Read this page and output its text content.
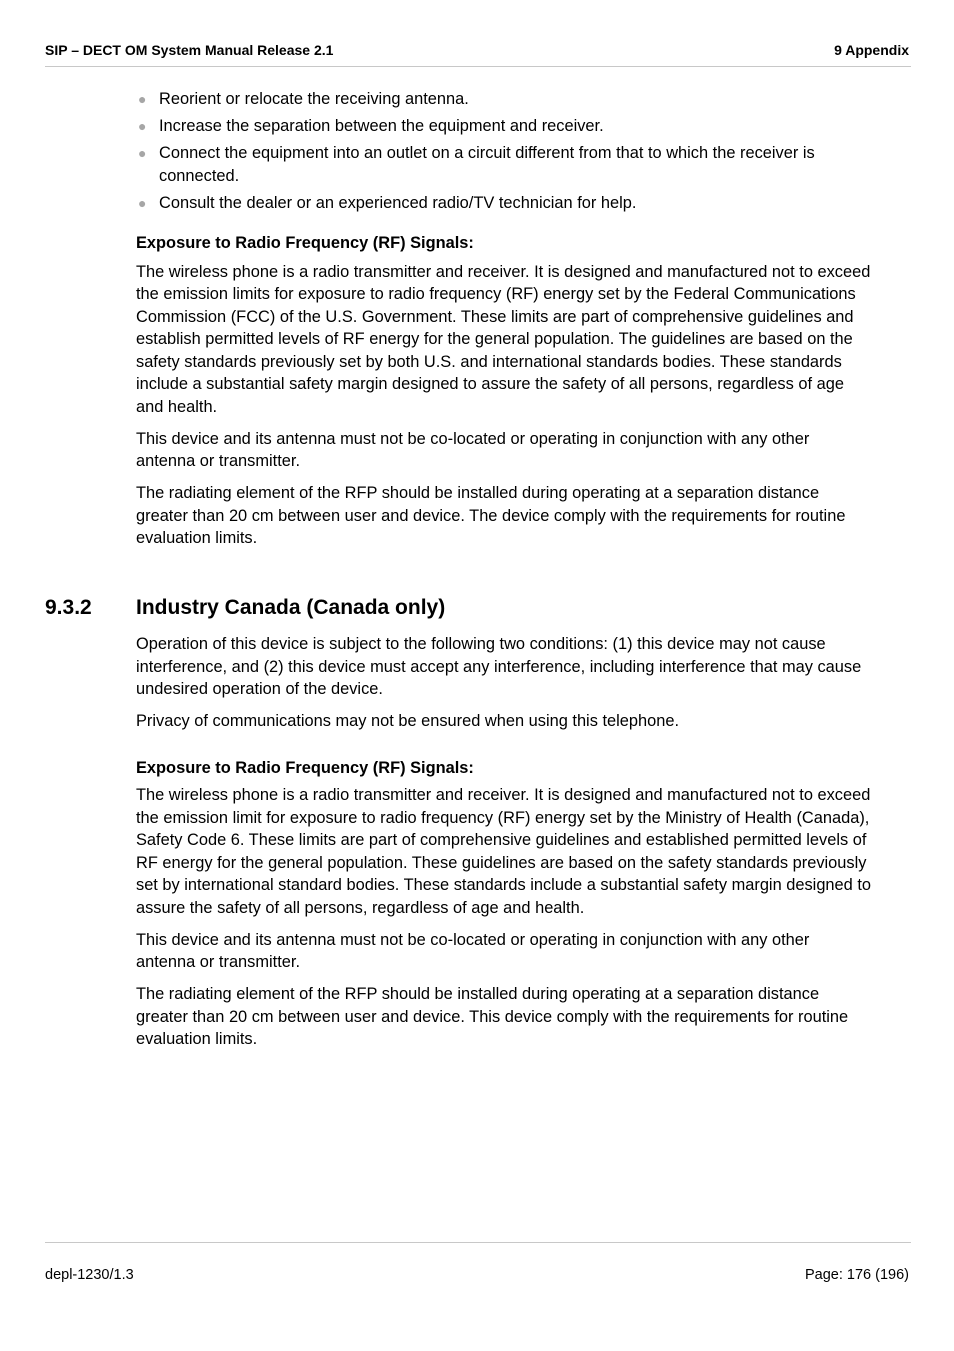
SIP – DECT OM System Manual Release 2.1	9 Appendix
● Reorient or relocate the receiving antenna.
● Increase the separation between the equipment and receiver.
● Connect the equipment into an outlet on a circuit different from that to which the receiver is connected.
● Consult the dealer or an experienced radio/TV technician for help.

Exposure to Radio Frequency (RF) Signals:

The wireless phone is a radio transmitter and receiver. It is designed and manufactured not to exceed the emission limits for exposure to radio frequency (RF) energy set by the Federal Communications Commission (FCC) of the U.S. Government. These limits are part of comprehensive guidelines and establish permitted levels of RF energy for the general population. The guidelines are based on the safety standards previously set by both U.S. and international standards bodies. These standards include a substantial safety margin designed to assure the safety of all persons, regardless of age and health.

This device and its antenna must not be co-located or operating in conjunction with any other antenna or transmitter.

The radiating element of the RFP should be installed during operating at a separation distance greater than 20 cm between user and device. The device comply with the requirements for routine evaluation limits.

9.3.2 Industry Canada (Canada only)

Operation of this device is subject to the following two conditions: (1) this device may not cause interference, and (2) this device must accept any interference, including interference that may cause undesired operation of the device.

Privacy of communications may not be ensured when using this telephone.

Exposure to Radio Frequency (RF) Signals:

The wireless phone is a radio transmitter and receiver. It is designed and manufactured not to exceed the emission limit for exposure to radio frequency (RF) energy set by the Ministry of Health (Canada), Safety Code 6. These limits are part of comprehensive guidelines and established permitted levels of RF energy for the general population. These guidelines are based on the safety standards previously set by international standard bodies. These standards include a substantial safety margin designed to assure the safety of all persons, regardless of age and health.

This device and its antenna must not be co-located or operating in conjunction with any other antenna or transmitter.

The radiating element of the RFP should be installed during operating at a separation distance greater than 20 cm between user and device. This device comply with the requirements for routine evaluation limits.

depl-1230/1.3	Page: 176 (196)
